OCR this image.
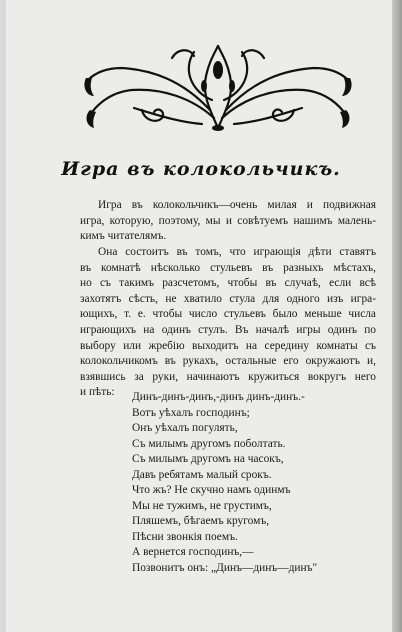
Игра въ колокольчикъ.
Игра въ колокольчикъ—очень милая и подвижная
игра, которую, поэтому, мы и совѣтуемъ нашимъ малень-
кимъ читателямъ.
Она состоитъ въ томъ, что играющія дѣти ставятъ
въ комнатѣ нѣсколько стульевъ въ разныхъ мѣстахъ,
но съ такимъ разсчетомъ, чтобы въ случаѣ, если всѣ
захотятъ сѣсть, не хватило стула для одного изъ игра-
ющихъ, т. е. чтобы число стульевъ было меньше числа
играющихъ на одинъ стулъ. Въ началѣ игры одинъ по
выбору или жребію выходитъ на середину комнаты съ
колокольчикомъ въ рукахъ, остальные его окружаютъ и,
взявшись за руки, начинаютъ кружиться вокругъ него
и пѣть:	Динъ-динъ-динъ,-динъ динъ-динъ.-
Вотъ уѣхалъ господинъ;
Онъ уѣхалъ погулять,
Съ милымъ другомъ поболтать.
Съ милымъ другомъ на часокъ,
Давъ ребятамъ малый срокъ.
Что жъ? Не скучно намъ одинмъ
Мы не тужимъ, не грустимъ,
Пляшемъ, бѣгаемъ кругомъ,
Пѣсни звонкія поемъ.
А вернется господинъ,—
Позвонитъ онъ: „Динъ—динъ—динъ"
